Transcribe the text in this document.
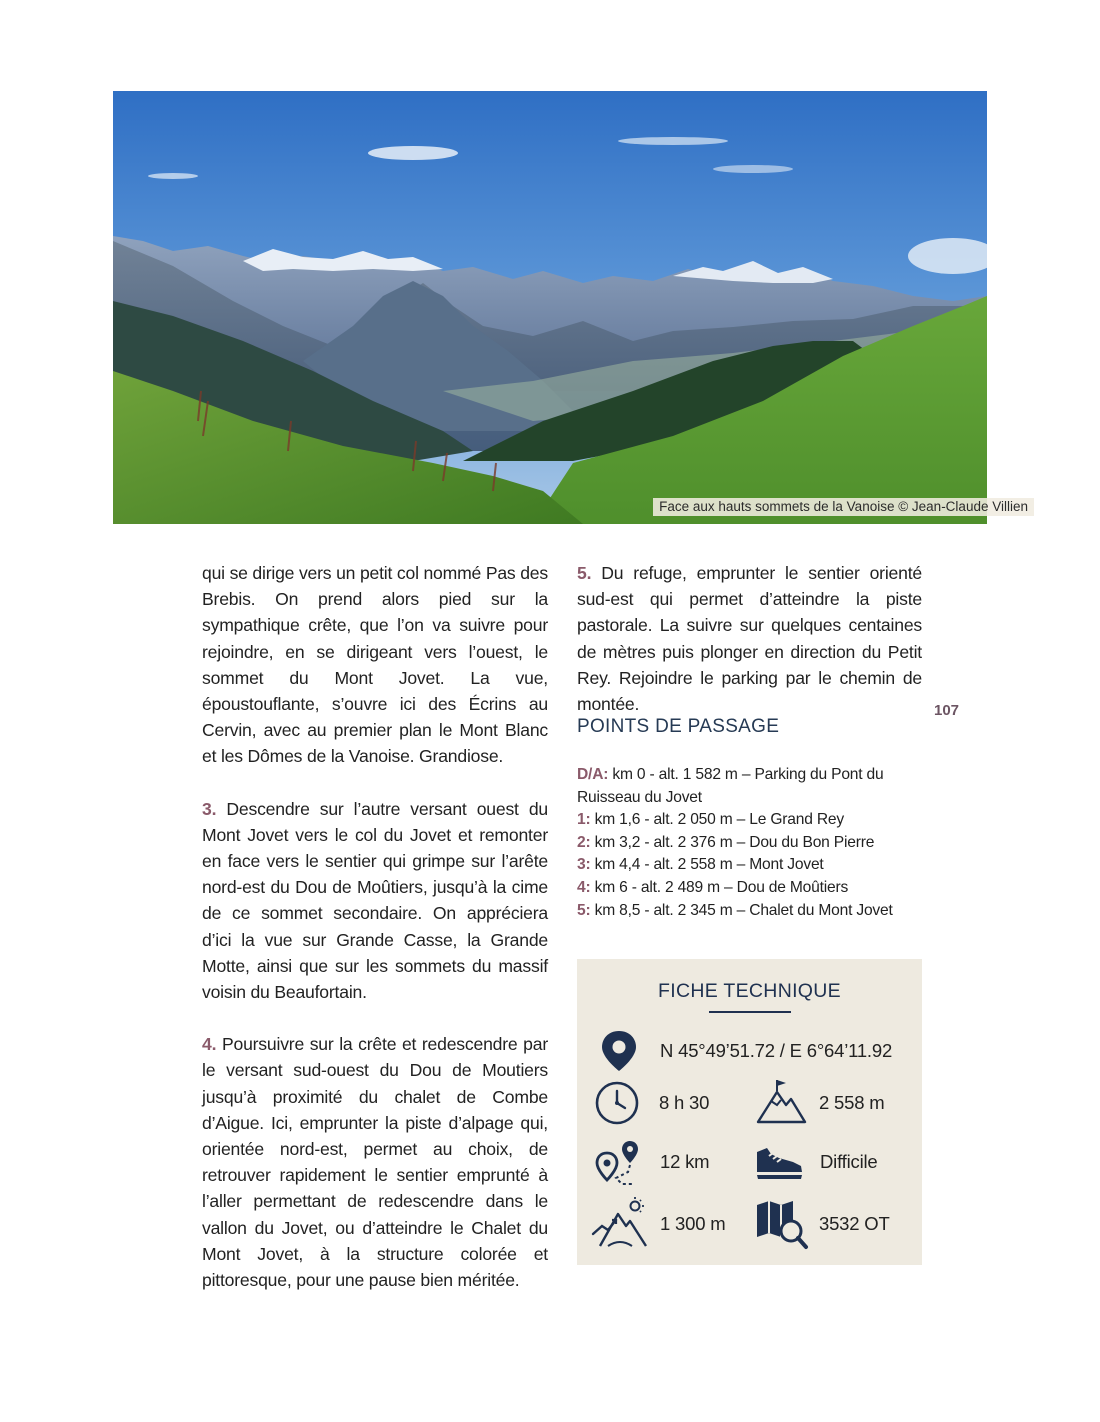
Face aux hauts sommets de la Vanoise © Jean-Claude Villien

qui se dirige vers un petit col nommé Pas des Brebis. On prend alors pied sur la sympathique crête, que l’on va suivre pour rejoindre, en se dirigeant vers l’ouest, le sommet du Mont Jovet. La vue, époustouflante, s’ouvre ici des Écrins au Cervin, avec au premier plan le Mont Blanc et les Dômes de la Vanoise. Grandiose.

3. Descendre sur l’autre versant ouest du Mont Jovet vers le col du Jovet et remonter en face vers le sentier qui grimpe sur l’arête nord-est du Dou de Moûtiers, jusqu’à la cime de ce sommet secondaire. On appréciera d’ici la vue sur Grande Casse, la Grande Motte, ainsi que sur les sommets du massif voisin du Beaufortain.

4. Poursuivre sur la crête et redescendre par le versant sud-ouest du Dou de Moutiers jusqu’à proximité du chalet de Combe d’Aigue. Ici, emprunter la piste d’alpage qui, orientée nord-est, permet au choix, de retrouver rapidement le sentier emprunté à l’aller permettant de redescendre dans le vallon du Jovet, ou d’atteindre le Chalet du Mont Jovet, à la structure colorée et pittoresque, pour une pause bien méritée.

5. Du refuge, emprunter le sentier orienté sud-est qui permet d’atteindre la piste pastorale. La suivre sur quelques centaines de mètres puis plonger en direction du Petit Rey. Rejoindre le parking par le chemin de montée.	107
POINTS DE PASSAGE
D/A: km 0 - alt. 1 582 m – Parking du Pont du Ruisseau du Jovet
1: km 1,6 - alt. 2 050 m – Le Grand Rey
2: km 3,2 - alt. 2 376 m – Dou du Bon Pierre
3: km 4,4 - alt. 2 558 m – Mont Jovet
4: km 6 - alt. 2 489 m – Dou de Moûtiers
5: km 8,5 - alt. 2 345 m – Chalet du Mont Jovet
FICHE TECHNIQUE
N 45°49’51.72 / E 6°64’11.92
8 h 30	2 558 m
12 km	Difficile
1 300 m	3532 OT
